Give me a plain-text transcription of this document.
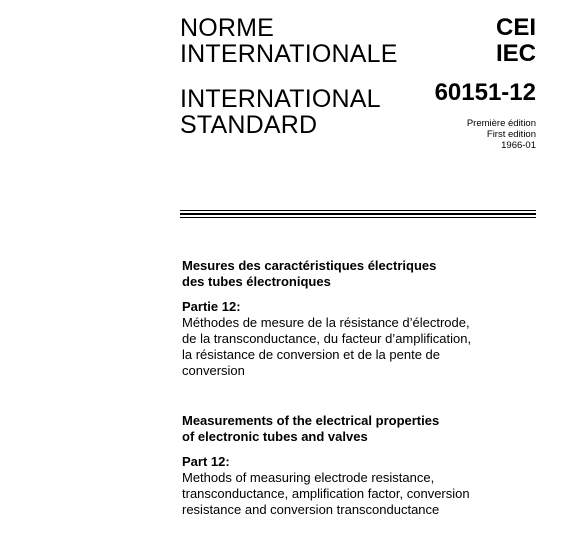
NORME
INTERNATIONALE
INTERNATIONAL
STANDARD
CEI
IEC
60151-12
Première édition
First edition
1966-01
Mesures des caractéristiques électriques
des tubes électroniques
Partie 12:
Méthodes de mesure de la résistance d’électrode,
de la transconductance, du facteur d’amplification,
la résistance de conversion et de la pente de
conversion
Measurements of the electrical properties
of electronic tubes and valves
Part 12:
Methods of measuring electrode resistance,
transconductance, amplification factor, conversion
resistance and conversion transconductance
